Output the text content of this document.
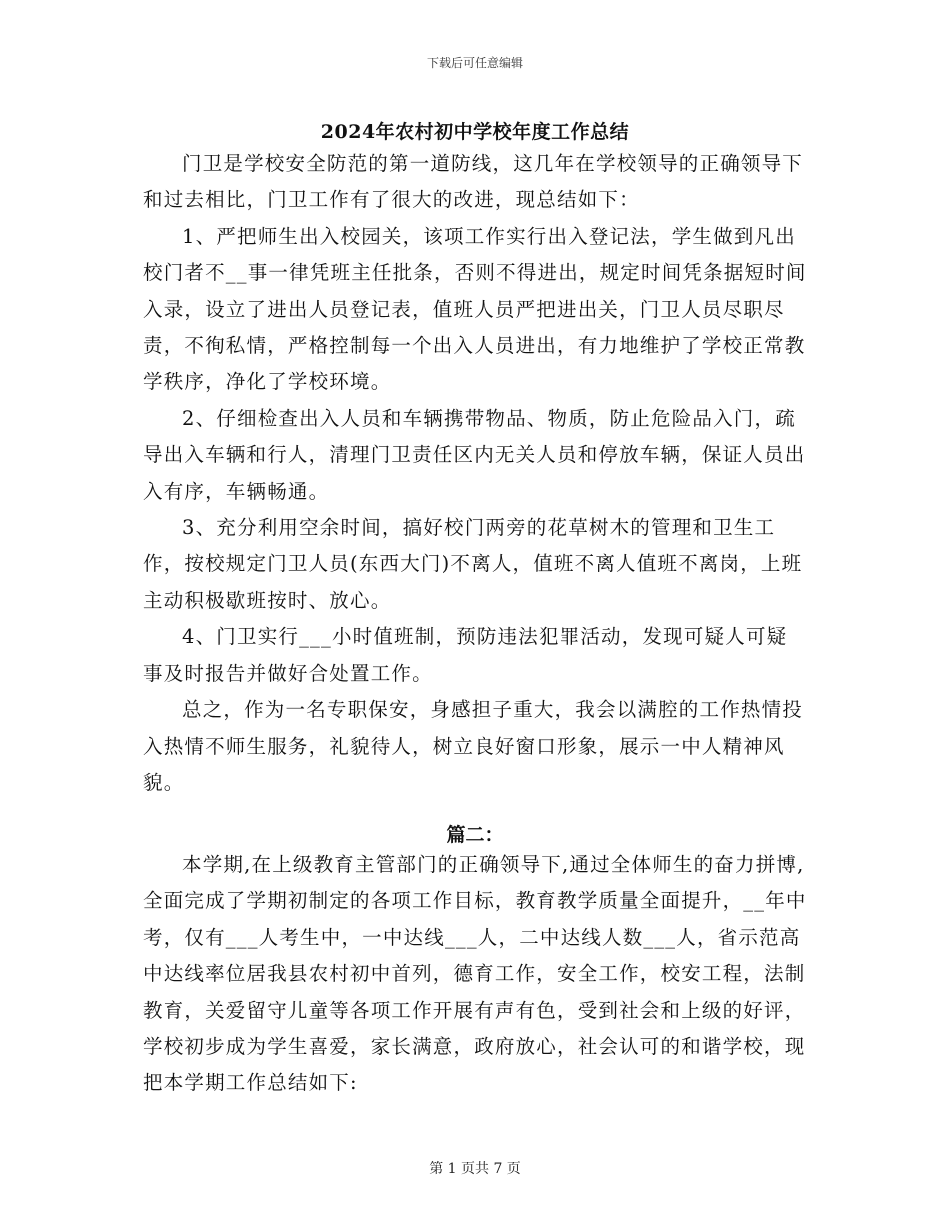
下载后可任意编辑
2024年农村初中学校年度工作总结

门卫是学校安全防范的第一道防线，这几年在学校领导的正确领导下和过去相比，门卫工作有了很大的改进，现总结如下：

1、严把师生出入校园关，该项工作实行出入登记法，学生做到凡出校门者不__事一律凭班主任批条，否则不得进出，规定时间凭条据短时间入录，设立了进出人员登记表，值班人员严把进出关，门卫人员尽职尽责，不徇私情，严格控制每一个出入人员进出，有力地维护了学校正常教学秩序，净化了学校环境。

2、仔细检查出入人员和车辆携带物品、物质，防止危险品入门，疏导出入车辆和行人，清理门卫责任区内无关人员和停放车辆，保证人员出入有序，车辆畅通。

3、充分利用空余时间，搞好校门两旁的花草树木的管理和卫生工作，按校规定门卫人员(东西大门)不离人，值班不离人值班不离岗，上班主动积极歇班按时、放心。

4、门卫实行___小时值班制，预防违法犯罪活动，发现可疑人可疑事及时报告并做好合处置工作。

总之，作为一名专职保安，身感担子重大，我会以满腔的工作热情投入热情不师生服务，礼貌待人，树立良好窗口形象，展示一中人精神风貌。

篇二：

本学期,在上级教育主管部门的正确领导下,通过全体师生的奋力拼博,全面完成了学期初制定的各项工作目标，教育教学质量全面提升，__年中考，仅有___人考生中，一中达线___人，二中达线人数___人，省示范高中达线率位居我县农村初中首列，德育工作，安全工作，校安工程，法制教育，关爱留守儿童等各项工作开展有声有色，受到社会和上级的好评，学校初步成为学生喜爱，家长满意，政府放心，社会认可的和谐学校，现把本学期工作总结如下:

第 1 页共 7 页
